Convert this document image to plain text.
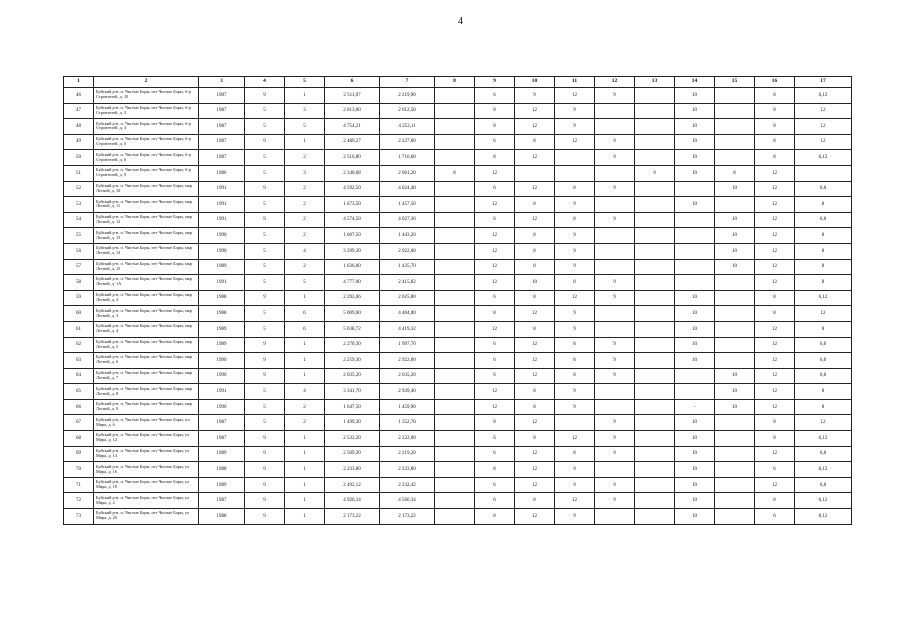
4
1	2	3	4	5	6	7	8	9	10	11	12	13	14	15	16	17
46	Буйский р-н, п. Чистые Боры, пгт Чистые Боры, б-р Строителей, д. 10	1987	9	1	2 511,07	2 219,90		6	9	12	9		10		8	6,12
47	Буйский р-н, п. Чистые Боры, пгт Чистые Боры, б-р Строителей, д. 3	1987	5	3	2 013,00	2 012,50		8	12	9			10		8	12
48	Буйский р-н, п. Чистые Боры, пгт Чистые Боры, б-р Строителей, д. 4	1987	5	5	4 754,21	4 252,11		8	12	9			10		8	12
49	Буйский р-н, п. Чистые Боры, пгт Чистые Боры, б-р Строителей, д. 5	1987	9	1	2 489,27	2 227,00		6	8	12	9		10		8	12
50	Буйский р-н, п. Чистые Боры, пгт Чистые Боры, б-р Строителей, д. 6	1987	5	2	2 516,80	1 716,60		8	12		9		10		8	6,12
51	Буйский р-н, п. Чистые Боры, пгт Чистые Боры, б-р Строителей, д. 9	1986	5	3	2 340,08	2 061,20	8	12				9	10	8	12	
52	Буйский р-н, п. Чистые Боры, пгт Чистые Боры, мкр Лесной, д. 10	1991	9	2	4 592,50	4 024,40		6	12	8	9			10	12	6,8
53	Буйский р-н, п. Чистые Боры, пгт Чистые Боры, мкр Лесной, д. 11	1991	5	2	1 673,50	1 457,50		12	8	9			10		12	8
54	Буйский р-н, п. Чистые Боры, пгт Чистые Боры, мкр Лесной, д. 12	1991	9	2	4 574,50	4 027,30		6	12	8	9			10	12	6,8
55	Буйский р-н, п. Чистые Боры, пгт Чистые Боры, мкр Лесной, д. 13	1990	5	2	1 607,50	1 443,20		12	8	9				10	12	8
56	Буйский р-н, п. Чистые Боры, пгт Чистые Боры, мкр Лесной, д. 14	1990	5	4	3 299,30	2 922,00		12	8	9				10	12	8
57	Буйский р-н, п. Чистые Боры, пгт Чистые Боры, мкр Лесной, д. 15	1989	5	2	1 636,00	1 435,70		12	8	9				10	12	8
58	Буйский р-н, п. Чистые Боры, пгт Чистые Боры, мкр Лесной, д. 1А	1991	5	5	4 777,00	2 415,82		12	10	8	9				12	8
59	Буйский р-н, п. Чистые Боры, пгт Чистые Боры, мкр Лесной, д. 2	1988	9	1	2 292,06	2 025,80		6	8	12	9		10		8	6,12
60	Буйский р-н, п. Чистые Боры, пгт Чистые Боры, мкр Лесной, д. 3	1988	5	6	5 009,00	4 404,00		8	12	9			10		8	12
61	Буйский р-н, п. Чистые Боры, пгт Чистые Боры, мкр Лесной, д. 4	1989	5	6	5 038,72	4 419,32		12	8	9			10		12	8
62	Буйский р-н, п. Чистые Боры, пгт Чистые Боры, мкр Лесной, д. 5	1989	9	1	2 270,30	1 997,70		6	12	8	9		10		12	6,8
63	Буйский р-н, п. Чистые Боры, пгт Чистые Боры, мкр Лесной, д. 6	1990	9	1	2 259,30	2 922,00		6	12	8	9		10		12	6,8
64	Буйский р-н, п. Чистые Боры, пгт Чистые Боры, мкр Лесной, д. 7	1990	9	1	2 035,20	2 035,20		6	12	8	9			10	12	6,8
65	Буйский р-н, п. Чистые Боры, пгт Чистые Боры, мкр Лесной, д. 8	1991	5	4	3 341,70	2 939,40		12	8	9				10	12	8
66	Буйский р-н, п. Чистые Боры, пгт Чистые Боры, мкр Лесной, д. 9	1990	5	2	1 647,50	1 459,90		12	8	9			-	10	12	8
67	Буйский р-н, п. Чистые Боры, пгт Чистые Боры, пл. Мира, д. 6	1987	5	2	1 499,30	1 352,70		8	12		9		10		8	12
68	Буйский р-н, п. Чистые Боры, пгт Чистые Боры, ул Мира, д. 12	1987	9	1	2 532,20	2 222,00		6	8	12	9		10		8	6,12
69	Буйский р-н, п. Чистые Боры, пгт Чистые Боры, ул Мира, д. 14	1989	9	1	2 509,30	2 219,20		6	12	8	9		10		12	6,8
70	Буйский р-н, п. Чистые Боры, пгт Чистые Боры, ул Мира, д. 16	1988	9	1	2 233,80	2 233,80		8	12	9			10		6	8,12
71	Буйский р-н, п. Чистые Боры, пгт Чистые Боры, ул Мира, д. 18	1989	9	1	2 492,12	2 232,42		6	12	9	9		10		12	6,8
72	Буйский р-н, п. Чистые Боры, пгт Чистые Боры, ул Мира, д. 2	1987	9	1	4 926,14	4 566,34		6	8	12	9		10		8	6,12
73	Буйский р-н, п. Чистые Боры, пгт Чистые Боры, ул Мира, д. 20	1988	9	1	2 173,22	2 173,22		8	12	9			10		6	8,12
